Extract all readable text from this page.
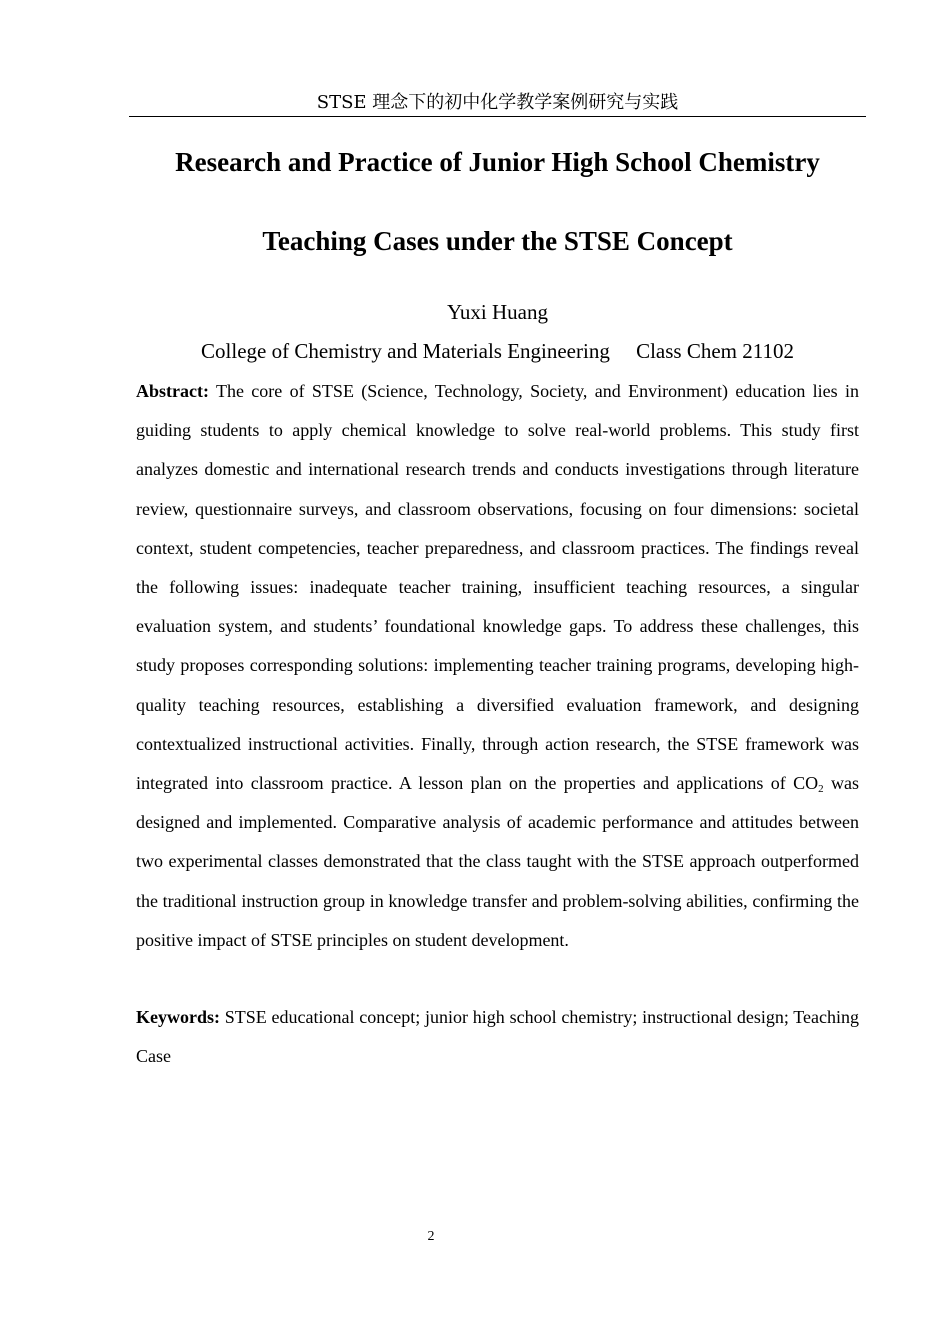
STSE 理念下的初中化学教学案例研究与实践
Research and Practice of Junior High School Chemistry
Teaching Cases under the STSE Concept
Yuxi Huang
College of Chemistry and Materials Engineering Class Chem 21102

Abstract: The core of STSE (Science, Technology, Society, and Environment) education lies in guiding students to apply chemical knowledge to solve real-world problems. This study first analyzes domestic and international research trends and conducts investigations through literature review, questionnaire surveys, and classroom observations, focusing on four dimensions: societal context, student competencies, teacher preparedness, and classroom practices. The findings reveal the following issues: inadequate teacher training, insufficient teaching resources, a singular evaluation system, and students’ foundational knowledge gaps. To address these challenges, this study proposes corresponding solutions: implementing teacher training programs, developing high-quality teaching resources, establishing a diversified evaluation framework, and designing contextualized instructional activities. Finally, through action research, the STSE framework was integrated into classroom practice. A lesson plan on the properties and applications of $CO_2$ was designed and implemented. Comparative analysis of academic performance and attitudes between two experimental classes demonstrated that the class taught with the STSE approach outperformed the traditional instruction group in knowledge transfer and problem-solving abilities, confirming the positive impact of STSE principles on student development.

Keywords: STSE educational concept; junior high school chemistry; instructional design; Teaching Case

2
